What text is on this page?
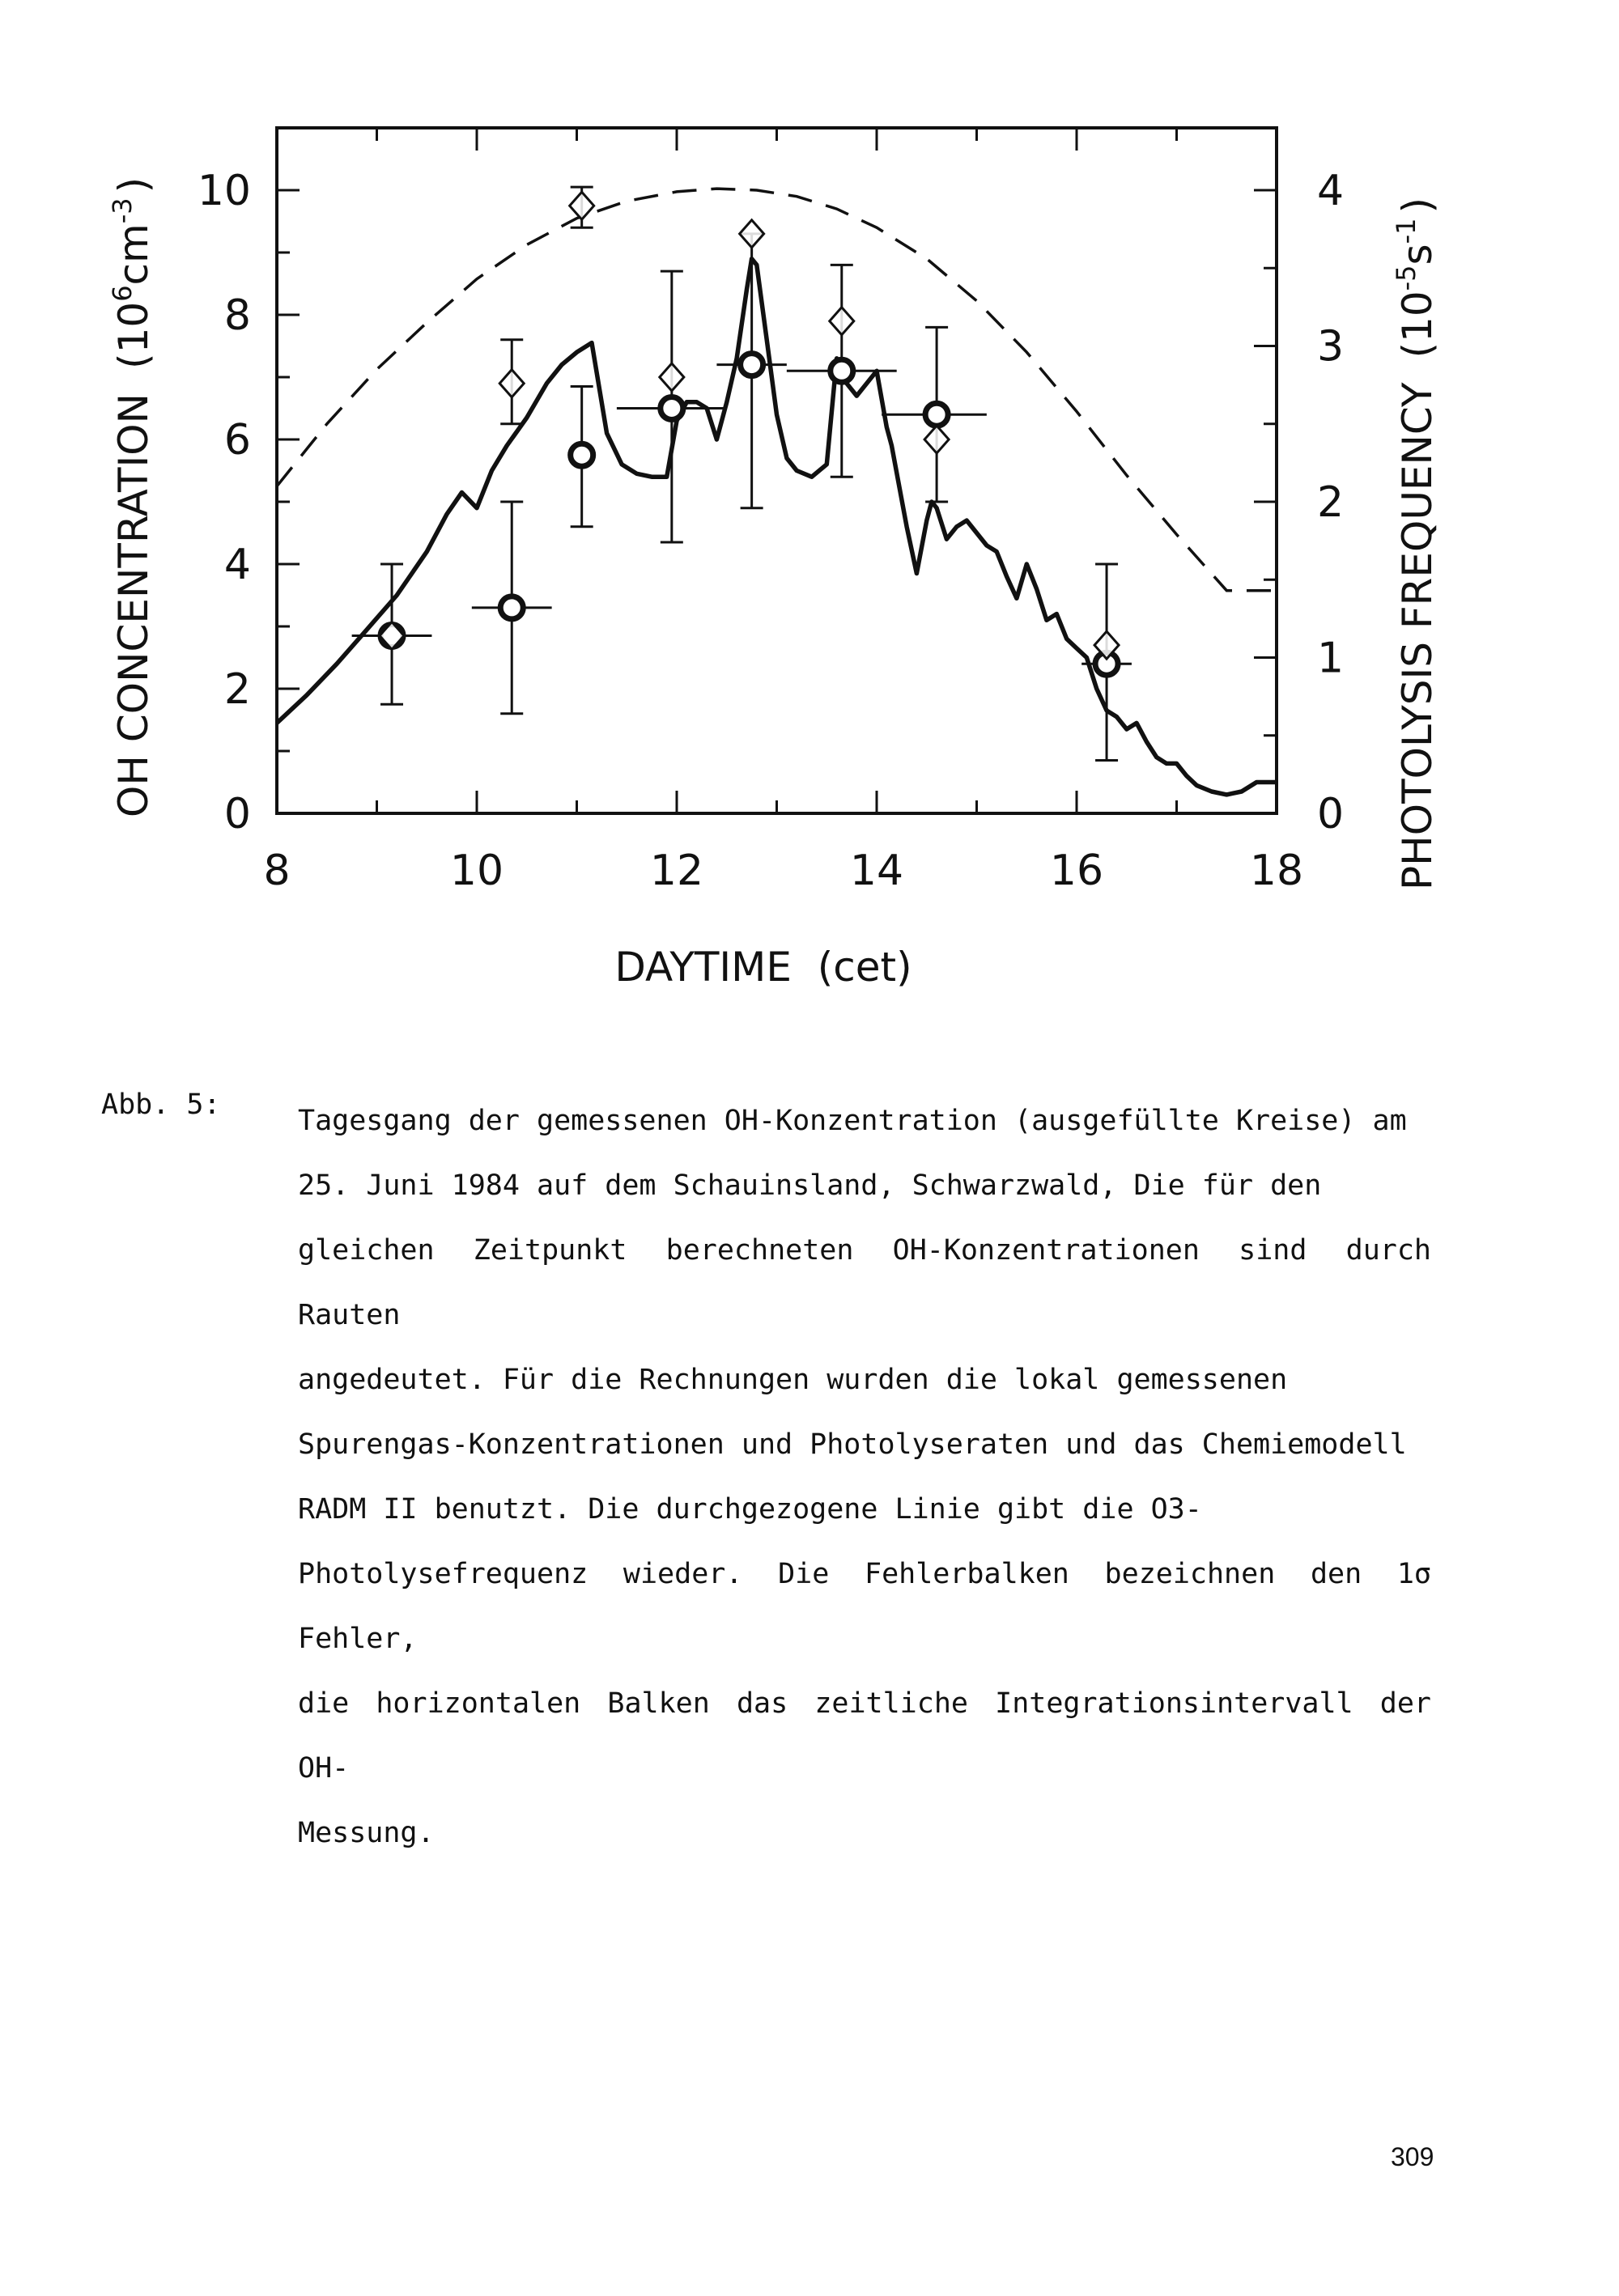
8	10	12	14	16	18
0
2
4
6
8
10
0
1
2
3
4
DAYTIME  (cet)
OH $CONCENTRATION(10^6cm^{-3})$
PHOTOLYSIS $FREQUENCY(10^{-5}s^{-1})$
Abb. 5:	Tagesgang der gemessenen OH-Konzentration (ausgefüllte Kreise) am
25. Juni 1984 auf dem Schauinsland, Schwarzwald, Die für den
gleichen Zeitpunkt berechneten OH-Konzentrationen sind durch Rauten
angedeutet. Für die Rechnungen wurden die lokal gemessenen
Spurengas-Konzentrationen und Photolyseraten und das Chemiemodell
RADM II benutzt. Die durchgezogene Linie gibt die O3-
Photolysefrequenz wieder. Die Fehlerbalken bezeichnen den 1σ Fehler,
die horizontalen Balken das zeitliche Integrationsintervall der OH-
Messung.
309
